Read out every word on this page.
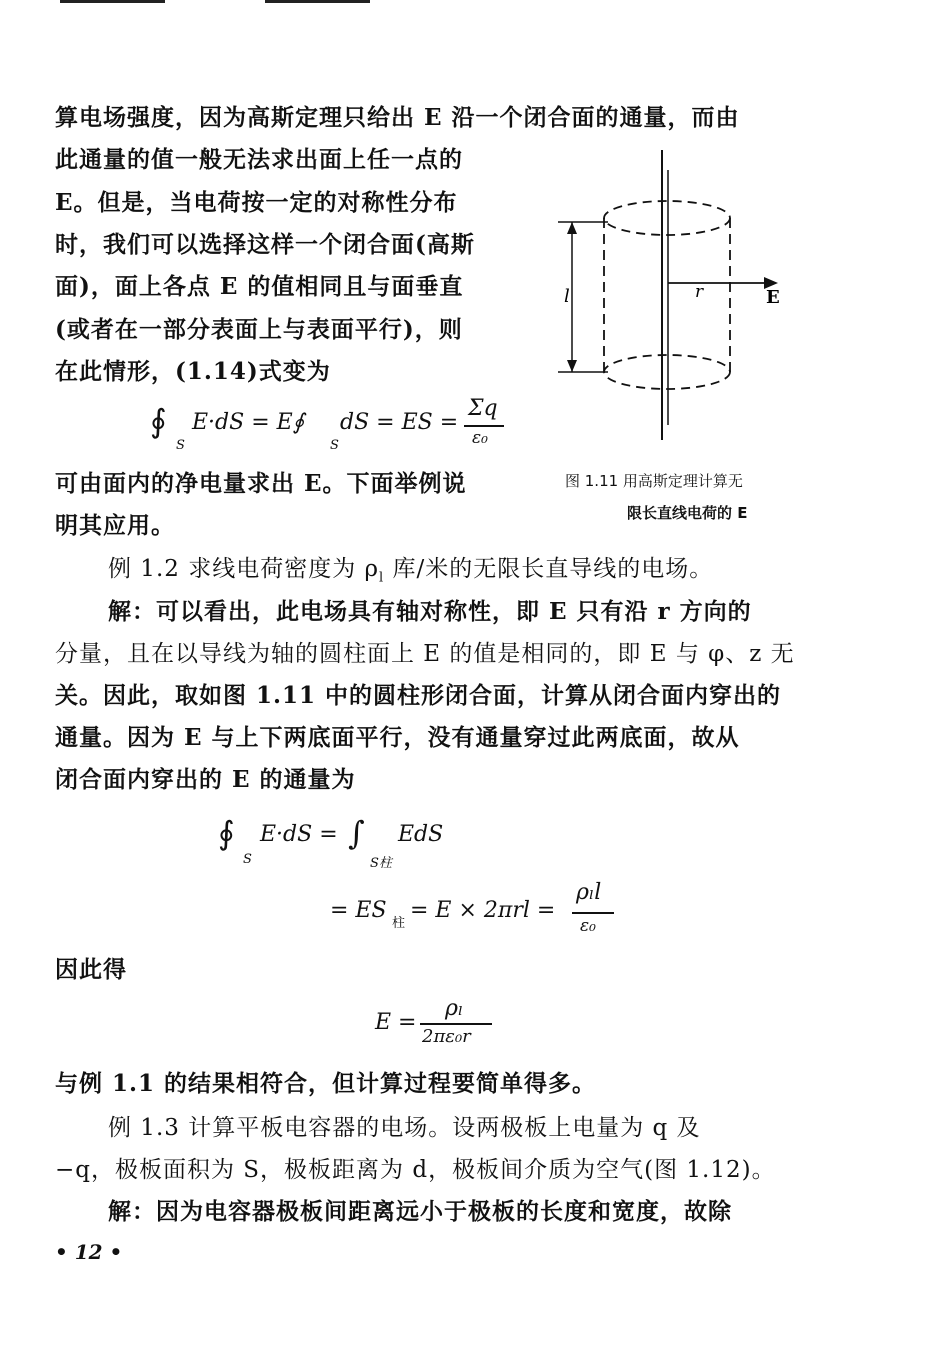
算电场强度，因为高斯定理只给出 E 沿一个闭合面的通量，而由
此通量的值一般无法求出面上任一点的
E。但是，当电荷按一定的对称性分布
时，我们可以选择这样一个闭合面(高斯
面)，面上各点 E 的值相同且与面垂直
(或者在一部分表面上与表面平行)，则
在此情形，(1.14)式变为
∮
S
E·dS = E∮
S
dS = ES =
Σq
ε₀
可由面内的净电量求出 E。下面举例说
明其应用。
l	r	E
图 1.11 用高斯定理计算无
限长直线电荷的 E
例 1.2 求线电荷密度为 $\rho_l$ 库/米的无限长直导线的电场。
解：可以看出，此电场具有轴对称性，即 E 只有沿 r 方向的
分量，且在以导线为轴的圆柱面上 E 的值是相同的，即 E 与 φ、z 无
关。因此，取如图 1.11 中的圆柱形闭合面，计算从闭合面内穿出的
通量。因为 E 与上下两底面平行，没有通量穿过此两底面，故从
闭合面内穿出的 E 的通量为
∮
S
E·dS = ∫
S柱
EdS
= ES
柱
= E × 2πrl =
ρₗl
ε₀
因此得
E =
ρₗ
2πε₀r
与例 1.1 的结果相符合，但计算过程要简单得多。
例 1.3 计算平板电容器的电场。设两极板上电量为 q 及
−q，极板面积为 S，极板距离为 d，极板间介质为空气(图 1.12)。
解：因为电容器极板间距离远小于极板的长度和宽度，故除
• 12 •
